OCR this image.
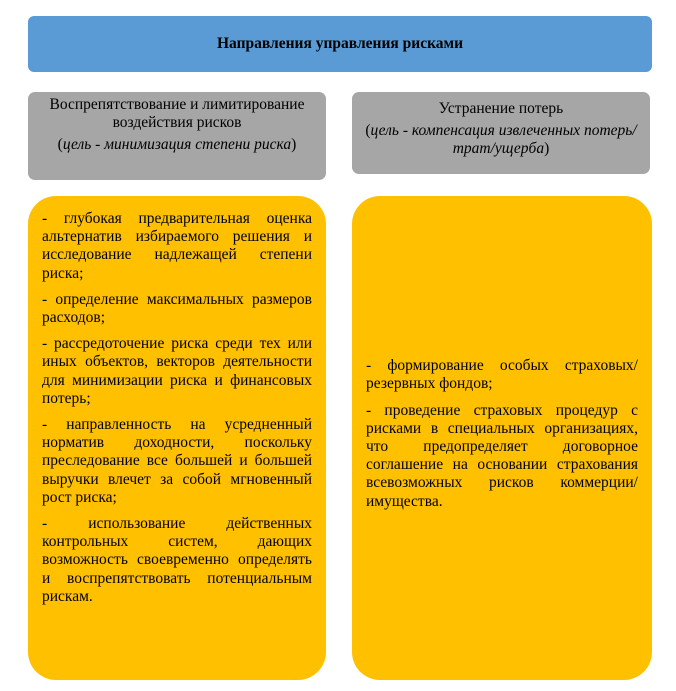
Направления управления рисками
Воспрепятствование и лимитирование воздействия рисков
(цель - минимизация степени риска)
Устранение потерь
(цель - компенсация извлеченных потерь/трат/ущерба)

- глубокая предварительная оценка альтернатив избираемого решения и исследование надлежащей степени риска;

- определение максимальных размеров расходов;

- рассредоточение риска среди тех или иных объектов, векторов деятельности для минимизации риска и финансовых потерь;

- направленность на усредненный норматив доходности, поскольку преследование все большей и большей выручки влечет за собой мгновенный рост риска;

- использование действенных контрольных систем, дающих возможность своевременно определять и воспрепятствовать потенциальным рискам.

- формирование особых страховых/резервных фондов;

- проведение страховых процедур с рисками в специальных организациях, что предопределяет договорное соглашение на основании страхования всевозможных рисков коммерции/имущества.
